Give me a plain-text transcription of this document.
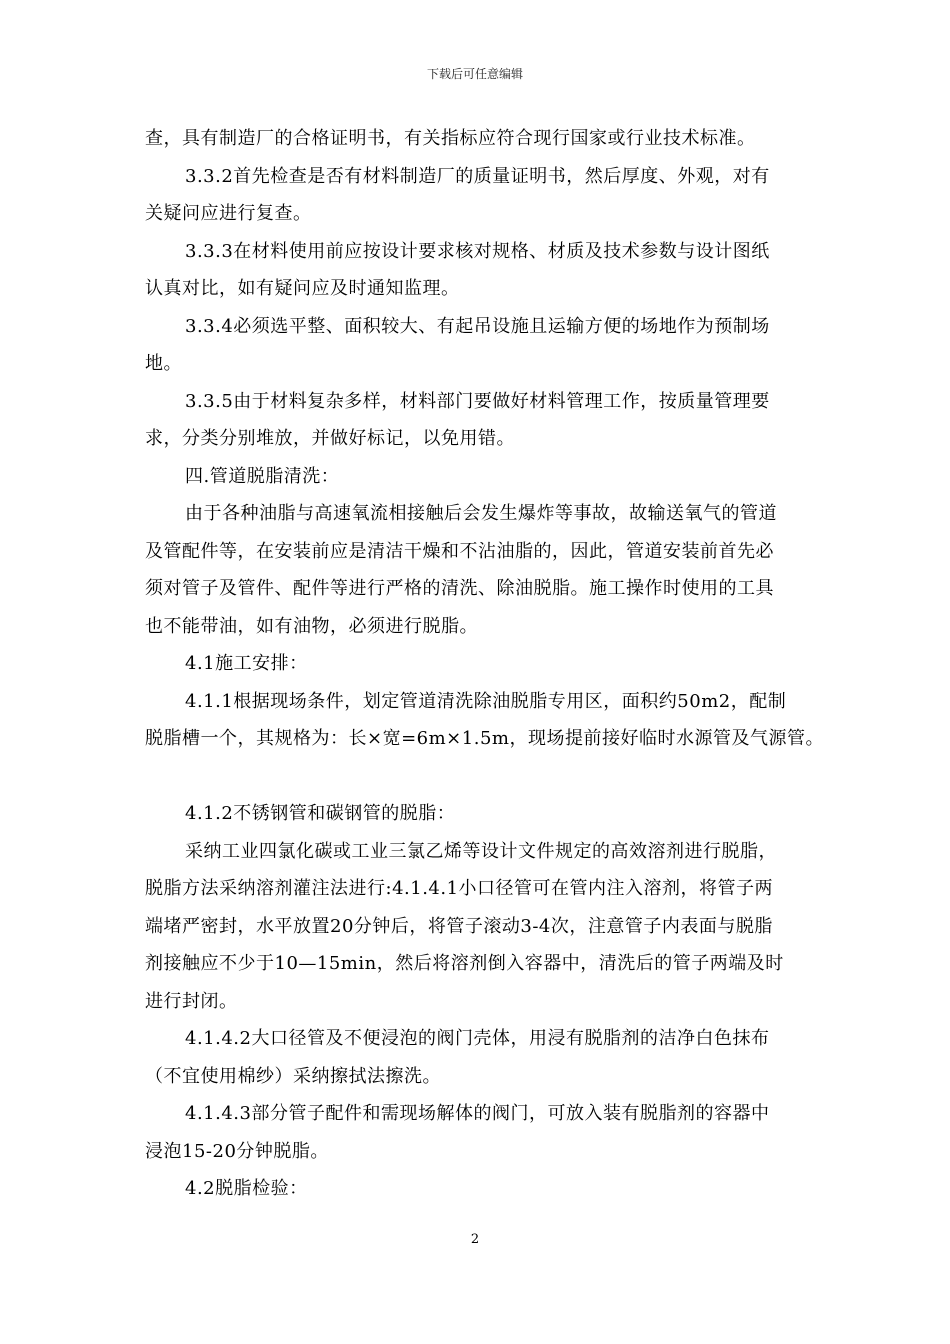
下载后可任意编辑
查，具有制造厂的合格证明书，有关指标应符合现行国家或行业技术标准。
3.3.2首先检查是否有材料制造厂的质量证明书，然后厚度、外观，对有
关疑问应进行复查。
3.3.3在材料使用前应按设计要求核对规格、材质及技术参数与设计图纸
认真对比，如有疑问应及时通知监理。
3.3.4必须选平整、面积较大、有起吊设施且运输方便的场地作为预制场
地。
3.3.5由于材料复杂多样，材料部门要做好材料管理工作，按质量管理要
求，分类分别堆放，并做好标记，以免用错。
四.管道脱脂清洗：
由于各种油脂与高速氧流相接触后会发生爆炸等事故，故输送氧气的管道
及管配件等，在安装前应是清洁干燥和不沾油脂的，因此，管道安装前首先必
须对管子及管件、配件等进行严格的清洗、除油脱脂。施工操作时使用的工具
也不能带油，如有油物，必须进行脱脂。
4.1施工安排：
4.1.1根据现场条件，划定管道清洗除油脱脂专用区，面积约50m2，配制
脱脂槽一个，其规格为：长×宽=6m×1.5m，现场提前接好临时水源管及气源管。
4.1.2不锈钢管和碳钢管的脱脂：
采纳工业四氯化碳或工业三氯乙烯等设计文件规定的高效溶剂进行脱脂，
脱脂方法采纳溶剂灌注法进行:4.1.4.1小口径管可在管内注入溶剂，将管子两
端堵严密封，水平放置20分钟后，将管子滚动3-4次，注意管子内表面与脱脂
剂接触应不少于10—15min，然后将溶剂倒入容器中，清洗后的管子两端及时
进行封闭。
4.1.4.2大口径管及不便浸泡的阀门壳体，用浸有脱脂剂的洁净白色抹布
（不宜使用棉纱）采纳擦拭法擦洗。
4.1.4.3部分管子配件和需现场解体的阀门，可放入装有脱脂剂的容器中
浸泡15-20分钟脱脂。
4.2脱脂检验：
2
